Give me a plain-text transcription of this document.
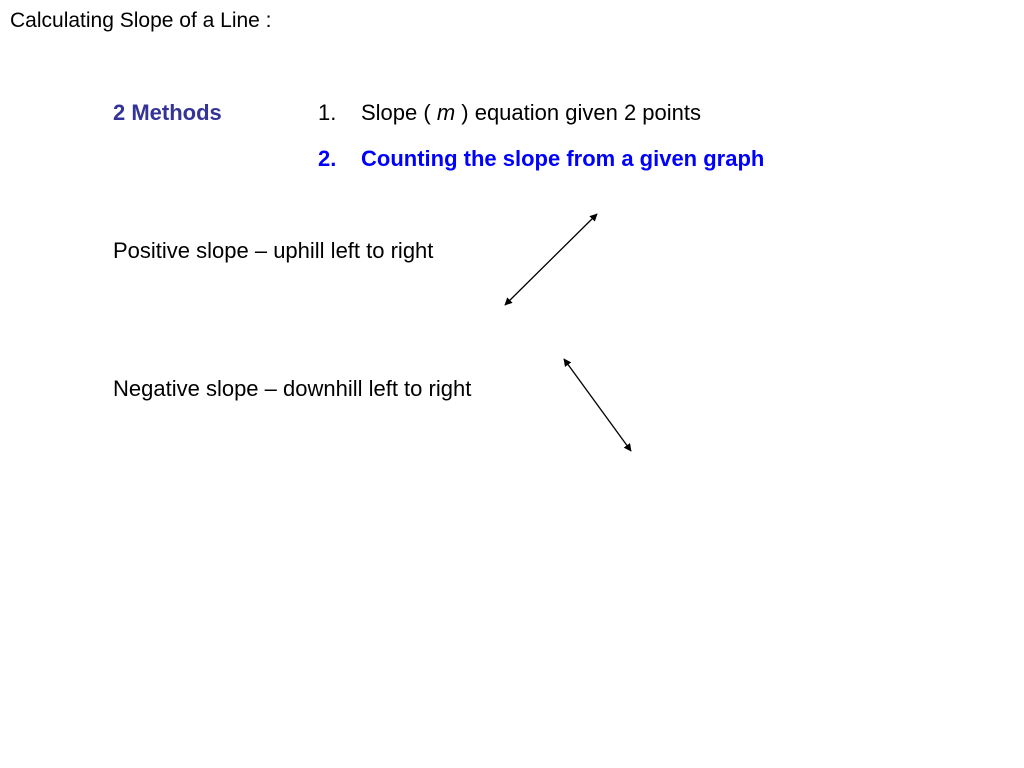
Calculating Slope of a Line :
2 Methods	1. Slope ( m ) equation given 2 points
2. Counting the slope from a given graph
Positive slope – uphill left to right
Negative slope – downhill left to right
